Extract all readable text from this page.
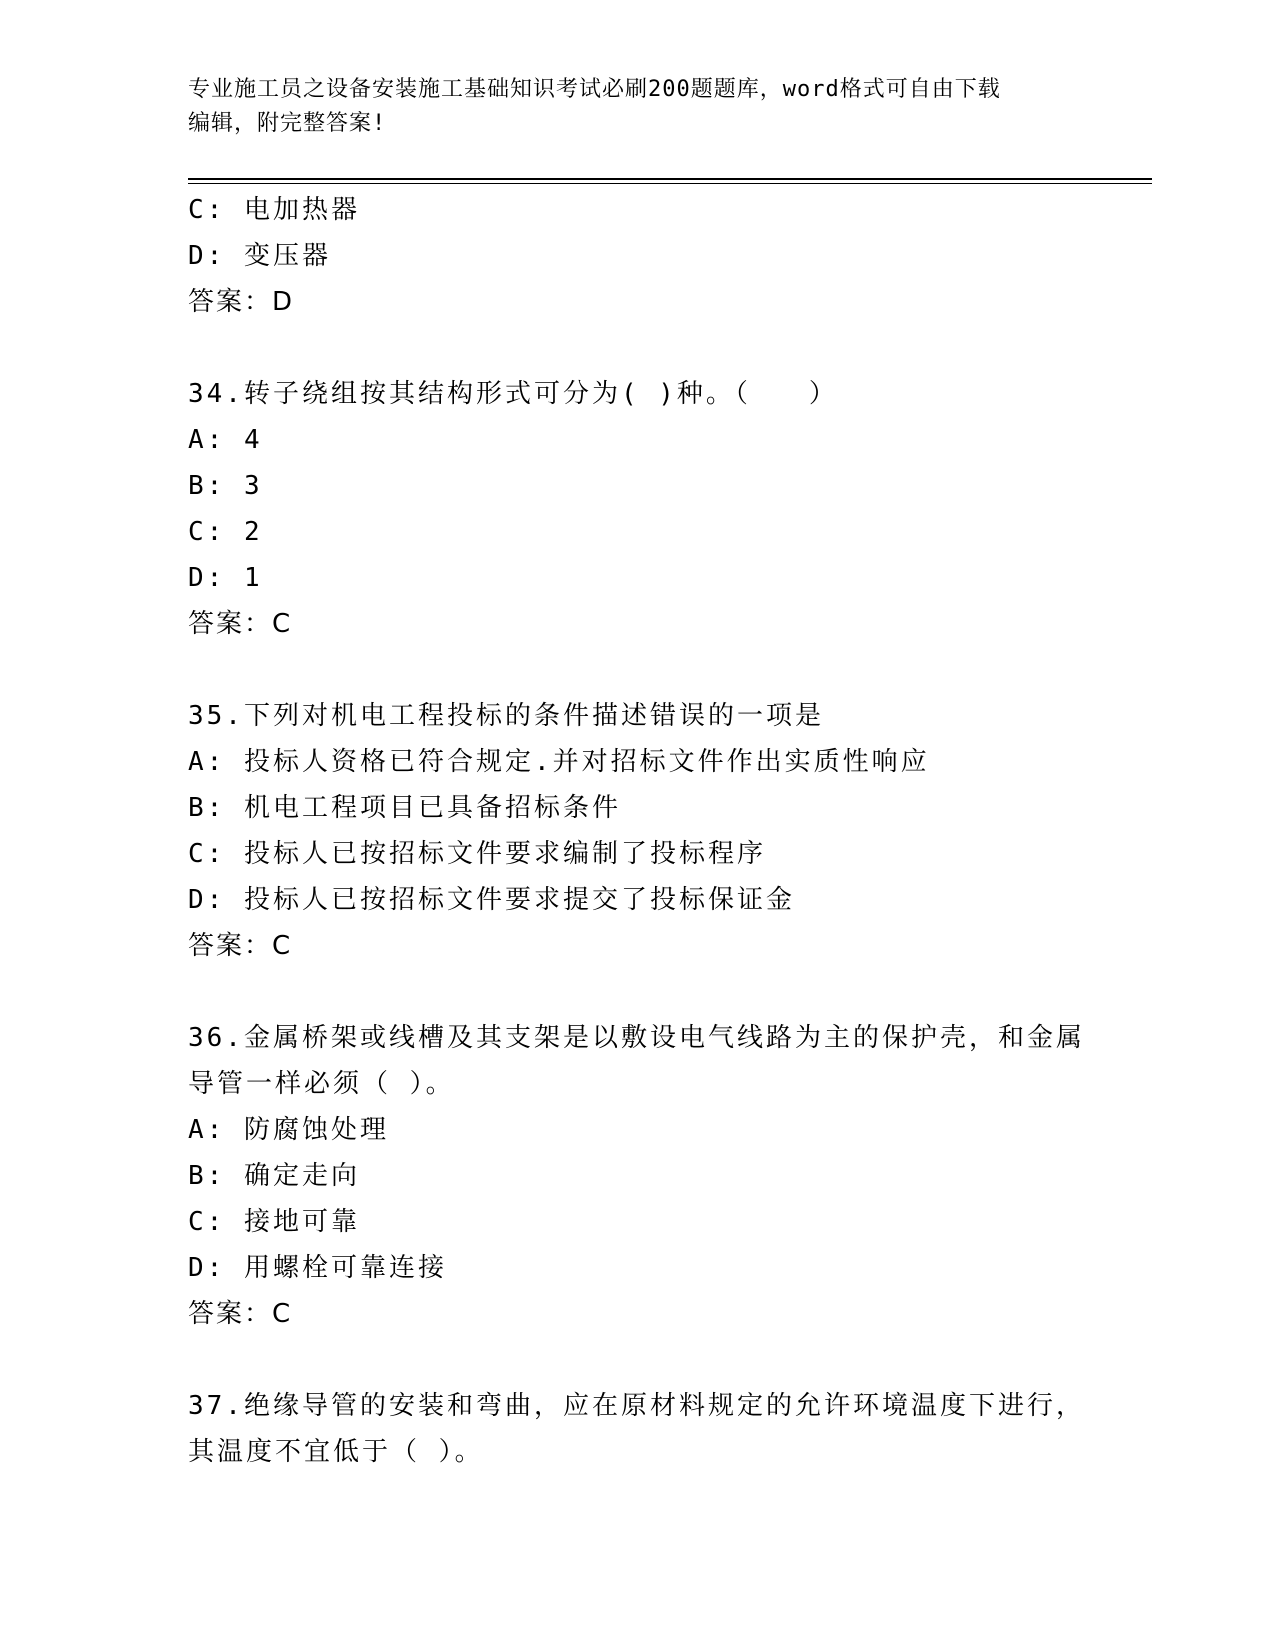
专业施工员之设备安装施工基础知识考试必刷200题题库，word格式可自由下载
编辑，附完整答案!
C: 电加热器
D: 变压器
答案：D
34.转子绕组按其结构形式可分为( )种。（　　）
A: 4
B: 3
C: 2
D: 1
答案：C
35.下列对机电工程投标的条件描述错误的一项是
A: 投标人资格已符合规定.并对招标文件作出实质性响应
B: 机电工程项目已具备招标条件
C: 投标人已按招标文件要求编制了投标程序
D: 投标人已按招标文件要求提交了投标保证金
答案：C
36.金属桥架或线槽及其支架是以敷设电气线路为主的保护壳，和金属
导管一样必须（ ）。
A: 防腐蚀处理
B: 确定走向
C: 接地可靠
D: 用螺栓可靠连接
答案：C
37.绝缘导管的安装和弯曲，应在原材料规定的允许环境温度下进行，
其温度不宜低于（ ）。
